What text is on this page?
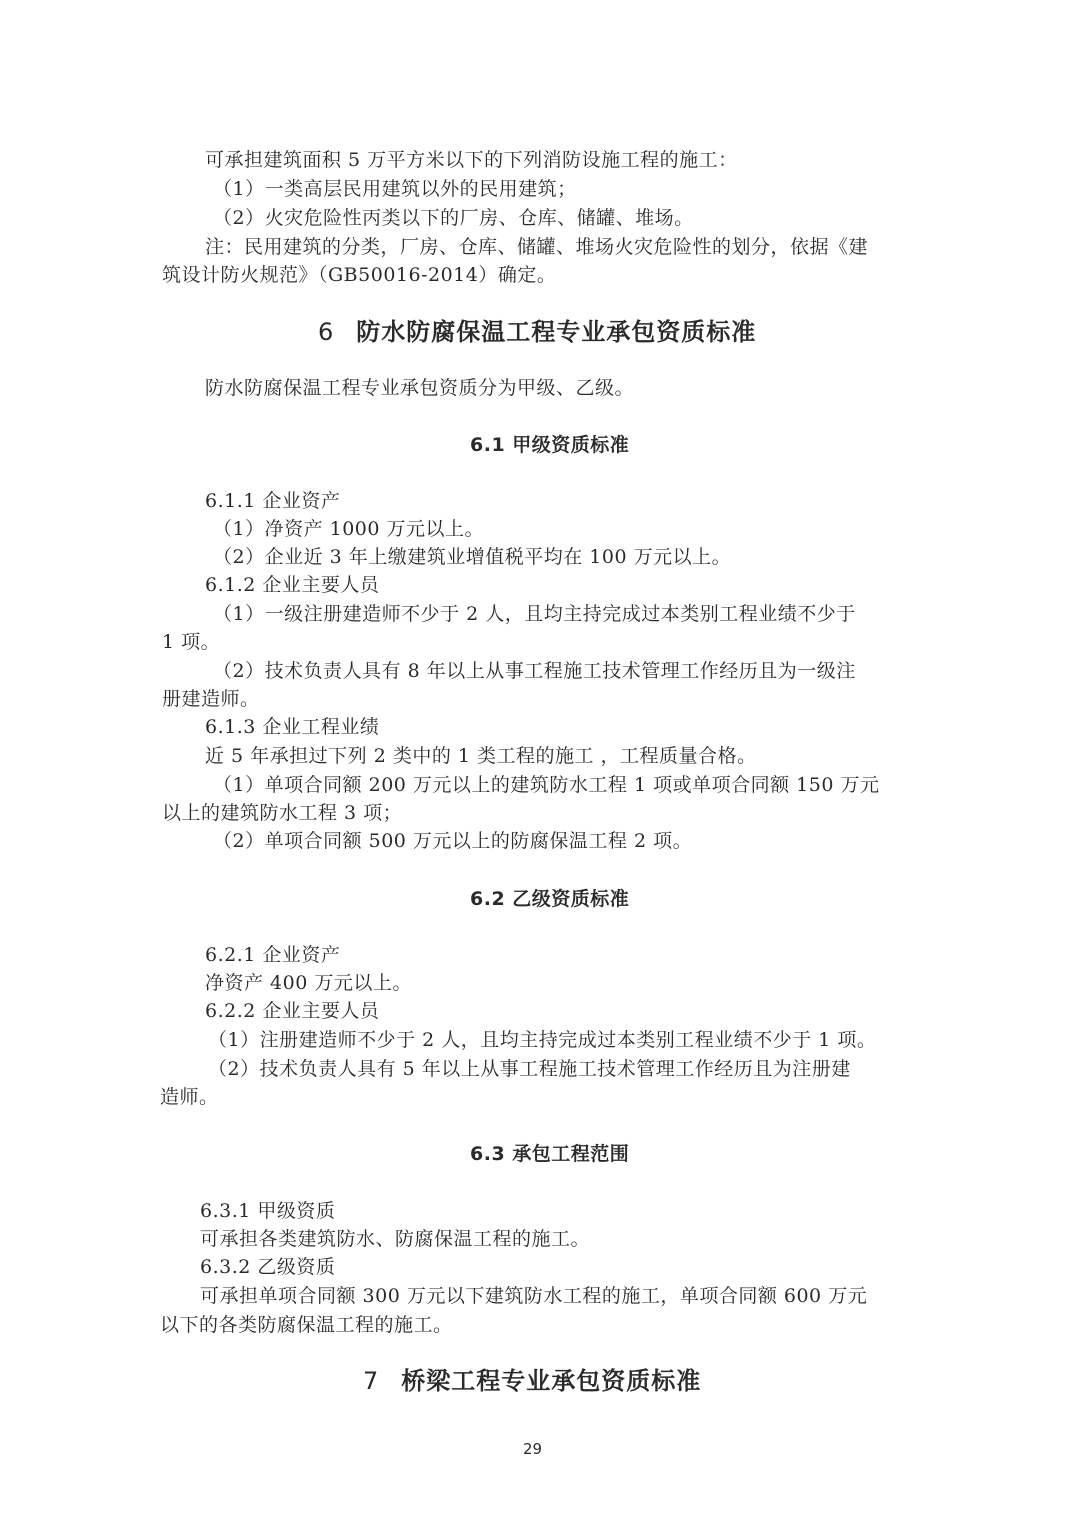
可承担建筑面积 5 万平方米以下的下列消防设施工程的施工：
（1）一类高层民用建筑以外的民用建筑；
（2）火灾危险性丙类以下的厂房、仓库、储罐、堆场。
注：民用建筑的分类，厂房、仓库、储罐、堆场火灾危险性的划分，依据《建
筑设计防火规范》（GB50016-2014）确定。
6 防水防腐保温工程专业承包资质标准
防水防腐保温工程专业承包资质分为甲级、乙级。
6.1 甲级资质标准
6.1.1 企业资产
（1）净资产 1000 万元以上。
（2）企业近 3 年上缴建筑业增值税平均在 100 万元以上。
6.1.2 企业主要人员
（1）一级注册建造师不少于 2 人，且均主持完成过本类别工程业绩不少于
1 项。
（2）技术负责人具有 8 年以上从事工程施工技术管理工作经历且为一级注
册建造师。
6.1.3 企业工程业绩
近 5 年承担过下列 2 类中的 1 类工程的施工 ，工程质量合格。
（1）单项合同额 200 万元以上的建筑防水工程 1 项或单项合同额 150 万元
以上的建筑防水工程 3 项；
（2）单项合同额 500 万元以上的防腐保温工程 2 项。
6.2 乙级资质标准
6.2.1 企业资产
净资产 400 万元以上。
6.2.2 企业主要人员
（1）注册建造师不少于 2 人，且均主持完成过本类别工程业绩不少于 1 项。
（2）技术负责人具有 5 年以上从事工程施工技术管理工作经历且为注册建
造师。
6.3 承包工程范围
6.3.1 甲级资质
可承担各类建筑防水、防腐保温工程的施工。
6.3.2 乙级资质
可承担单项合同额 300 万元以下建筑防水工程的施工，单项合同额 600 万元
以下的各类防腐保温工程的施工。
7 桥梁工程专业承包资质标准
29
